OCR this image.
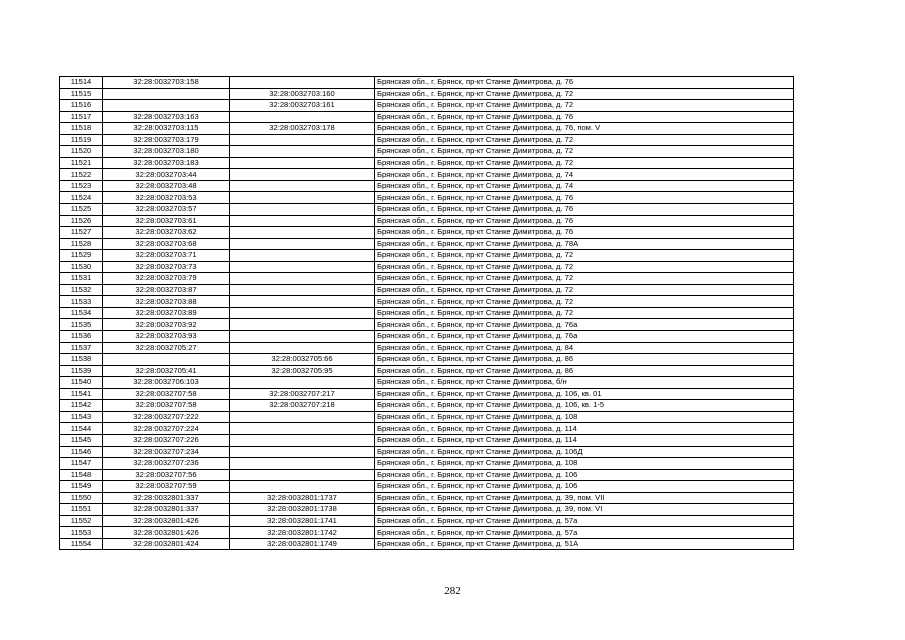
11514	32:28:0032703:158		Брянская обл., г. Брянск, пр-кт Станке Димитрова, д. 76
11515		32:28:0032703:160	Брянская обл., г. Брянск, пр-кт Станке Димитрова, д. 72
11516		32:28:0032703:161	Брянская обл., г. Брянск, пр-кт Станке Димитрова, д. 72
11517	32:28:0032703:163		Брянская обл., г. Брянск, пр-кт Станке Димитрова, д. 76
11518	32:28:0032703:115	32:28:0032703:178	Брянская обл., г. Брянск, пр-кт Станке Димитрова, д. 76, пом. V
11519	32:28:0032703:179		Брянская обл., г. Брянск, пр-кт Станке Димитрова, д. 72
11520	32:28:0032703:180		Брянская обл., г. Брянск, пр-кт Станке Димитрова, д. 72
11521	32:28:0032703:183		Брянская обл., г. Брянск, пр-кт Станке Димитрова, д. 72
11522	32:28:0032703:44		Брянская обл., г. Брянск, пр-кт Станке Димитрова, д. 74
11523	32:28:0032703:48		Брянская обл., г. Брянск, пр-кт Станке Димитрова, д. 74
11524	32:28:0032703:53		Брянская обл., г. Брянск, пр-кт Станке Димитрова, д. 76
11525	32:28:0032703:57		Брянская обл., г. Брянск, пр-кт Станке Димитрова, д. 76
11526	32:28:0032703:61		Брянская обл., г. Брянск, пр-кт Станке Димитрова, д. 76
11527	32:28:0032703:62		Брянская обл., г. Брянск, пр-кт Станке Димитрова, д. 76
11528	32:28:0032703:68		Брянская обл., г. Брянск, пр-кт Станке Димитрова, д. 78А
11529	32:28:0032703:71		Брянская обл., г. Брянск, пр-кт Станке Димитрова, д. 72
11530	32:28:0032703:73		Брянская обл., г. Брянск, пр-кт Станке Димитрова, д. 72
11531	32:28:0032703:79		Брянская обл., г. Брянск, пр-кт Станке Димитрова, д. 72
11532	32:28:0032703:87		Брянская обл., г. Брянск, пр-кт Станке Димитрова, д. 72
11533	32:28:0032703:88		Брянская обл., г. Брянск, пр-кт Станке Димитрова, д. 72
11534	32:28:0032703:89		Брянская обл., г. Брянск, пр-кт Станке Димитрова, д. 72
11535	32:28:0032703:92		Брянская обл., г. Брянск, пр-кт Станке Димитрова, д. 76а
11536	32:28:0032703:93		Брянская обл., г. Брянск, пр-кт Станке Димитрова, д. 76а
11537	32:28:0032705:27		Брянская обл., г. Брянск, пр-кт Станке Димитрова, д. 84
11538		32:28:0032705:66	Брянская обл., г. Брянск, пр-кт Станке Димитрова, д. 86
11539	32:28:0032705:41	32:28:0032705:95	Брянская обл., г. Брянск, пр-кт Станке Димитрова, д. 86
11540	32:28:0032706:103		Брянская обл., г. Брянск, пр-кт Станке Димитрова, б/н
11541	32:28:0032707:58	32:28:0032707:217	Брянская обл., г. Брянск, пр-кт Станке Димитрова, д. 106, кв. 01
11542	32:28:0032707:58	32:28:0032707:218	Брянская обл., г. Брянск, пр-кт Станке Димитрова, д. 106, кв. 1-5
11543	32:28:0032707:222		Брянская обл., г. Брянск, пр-кт Станке Димитрова, д. 108
11544	32:28:0032707:224		Брянская обл., г. Брянск, пр-кт Станке Димитрова, д. 114
11545	32:28:0032707:226		Брянская обл., г. Брянск, пр-кт Станке Димитрова, д. 114
11546	32:28:0032707:234		Брянская обл., г. Брянск, пр-кт Станке Димитрова, д. 106Д
11547	32:28:0032707:236		Брянская обл., г. Брянск, пр-кт Станке Димитрова, д. 108
11548	32:28:0032707:56		Брянская обл., г. Брянск, пр-кт Станке Димитрова, д. 106
11549	32:28:0032707:59		Брянская обл., г. Брянск, пр-кт Станке Димитрова, д. 106
11550	32:28:0032801:337	32:28:0032801:1737	Брянская обл., г. Брянск, пр-кт Станке Димитрова, д. 39, пом. VII
11551	32:28:0032801:337	32:28:0032801:1738	Брянская обл., г. Брянск, пр-кт Станке Димитрова, д. 39, пом. VI
11552	32:28:0032801:426	32:28:0032801:1741	Брянская обл., г. Брянск, пр-кт Станке Димитрова, д. 57а
11553	32:28:0032801:426	32:28:0032801:1742	Брянская обл., г. Брянск, пр-кт Станке Димитрова, д. 57а
11554	32:28:0032801:424	32:28:0032801:1749	Брянская обл., г. Брянск, пр-кт Станке Димитрова, д. 51А
282
